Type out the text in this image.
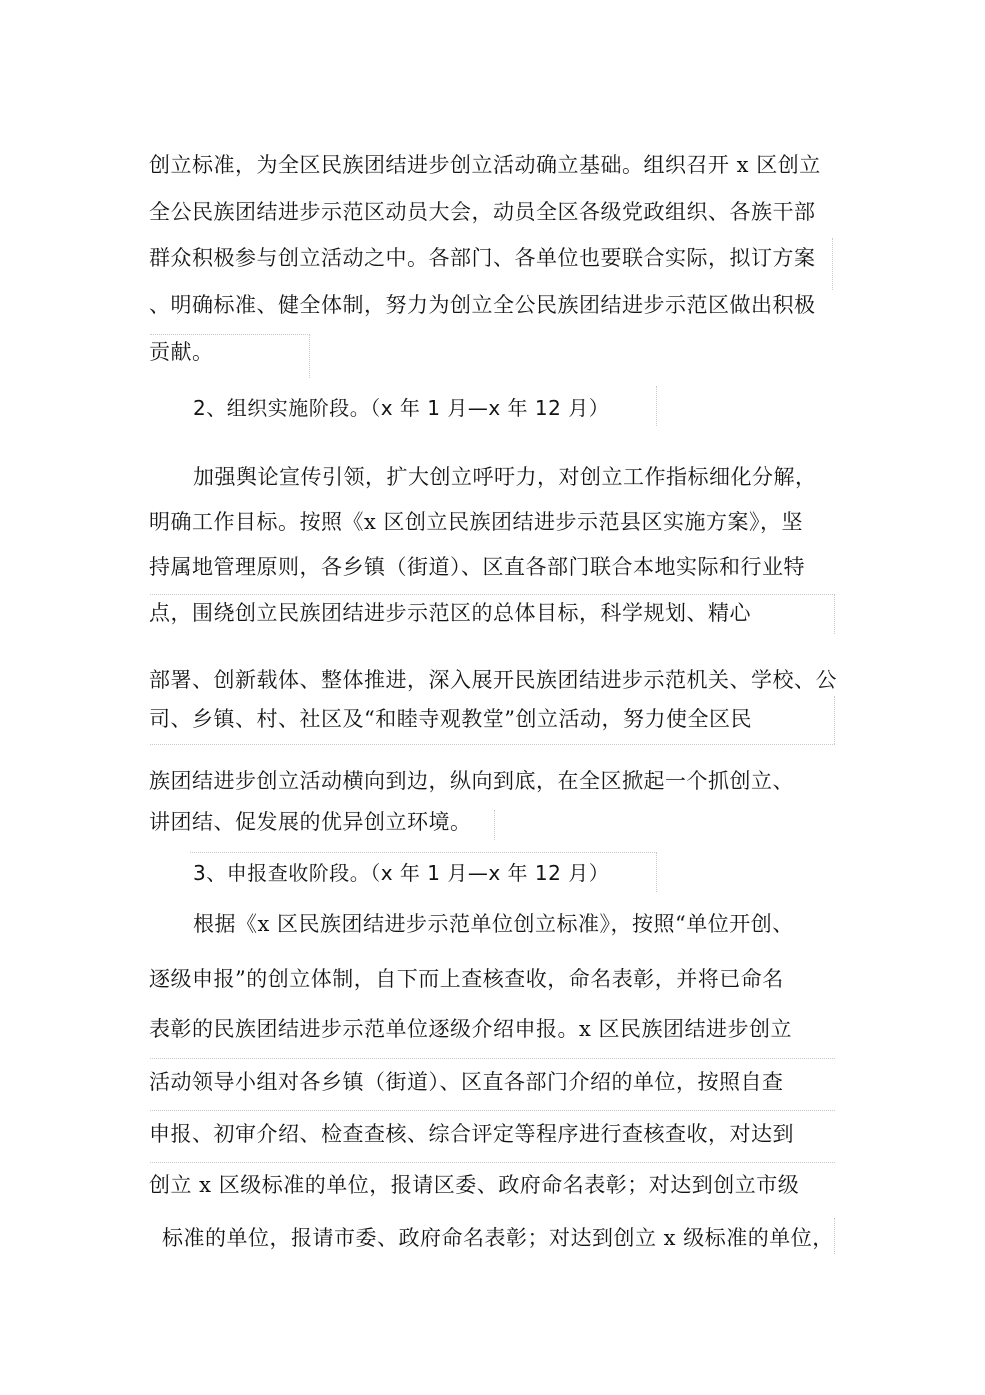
创立标准，为全区民族团结进步创立活动确立基础。组织召开 x 区创立
全公民族团结进步示范区动员大会，动员全区各级党政组织、各族干部
群众积极参与创立活动之中。各部门、各单位也要联合实际，拟订方案
、明确标准、健全体制，努力为创立全公民族团结进步示范区做出积极
贡献。
2、组织实施阶段。（x 年 1 月—x 年 12 月）
加强舆论宣传引领，扩大创立呼吁力，对创立工作指标细化分解，
明确工作目标。按照《x 区创立民族团结进步示范县区实施方案》，坚
持属地管理原则，各乡镇（街道）、区直各部门联合本地实际和行业特
点，围绕创立民族团结进步示范区的总体目标，科学规划、精心
部署、创新载体、整体推进，深入展开民族团结进步示范机关、学校、公
司、乡镇、村、社区及“和睦寺观教堂”创立活动，努力使全区民
族团结进步创立活动横向到边，纵向到底，在全区掀起一个抓创立、
讲团结、促发展的优异创立环境。
3、申报查收阶段。（x 年 1 月—x 年 12 月）
根据《x 区民族团结进步示范单位创立标准》，按照“单位开创、
逐级申报”的创立体制，自下而上查核查收，命名表彰，并将已命名
表彰的民族团结进步示范单位逐级介绍申报。x 区民族团结进步创立
活动领导小组对各乡镇（街道）、区直各部门介绍的单位，按照自查
申报、初审介绍、检查查核、综合评定等程序进行查核查收，对达到
创立 x 区级标准的单位，报请区委、政府命名表彰；对达到创立市级
标准的单位，报请市委、政府命名表彰；对达到创立 x 级标准的单位，
